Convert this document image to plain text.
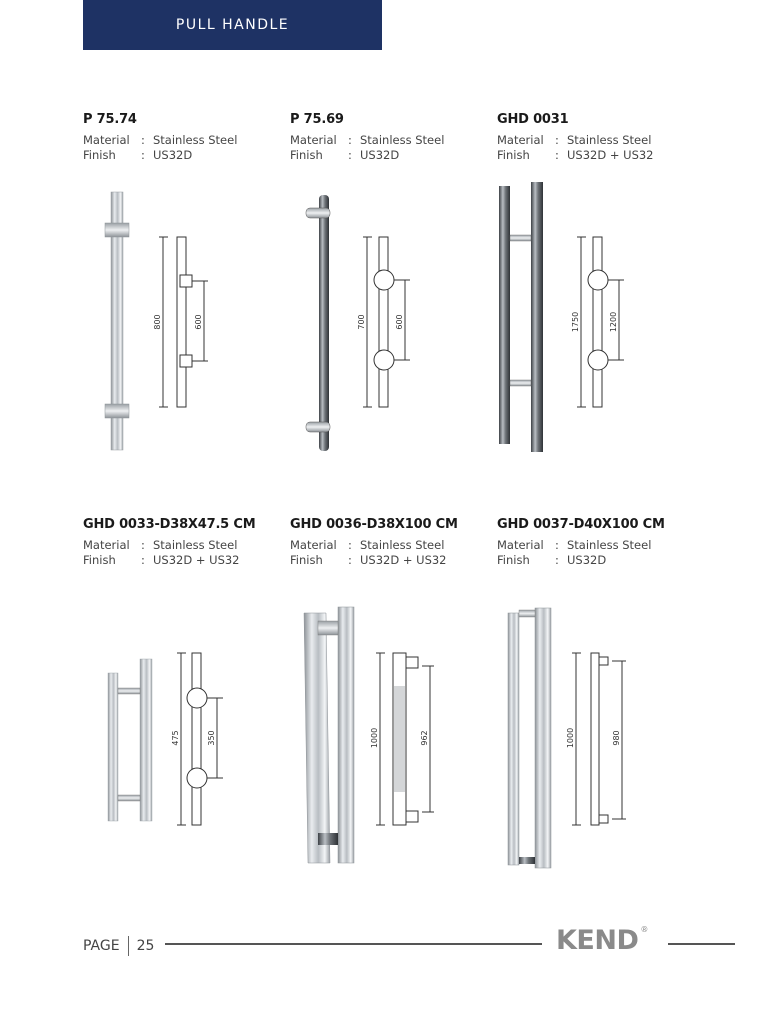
PULL HANDLE
P 75.74
Material : Stainless Steel
Finish	: US32D
800	600
P 75.69
Material : Stainless Steel
Finish	: US32D
700	600
GHD 0031
Material : Stainless Steel
Finish	: US32D + US32
1750	1200
GHD 0033-D38X47.5 CM
Material : Stainless Steel
Finish	: US32D + US32
475	350
GHD 0036-D38X100 CM
Material : Stainless Steel
Finish	: US32D + US32
1000	962
GHD 0037-D40X100 CM
Material : Stainless Steel
Finish	: US32D
1000	980
PAGE 25	KEND ®
